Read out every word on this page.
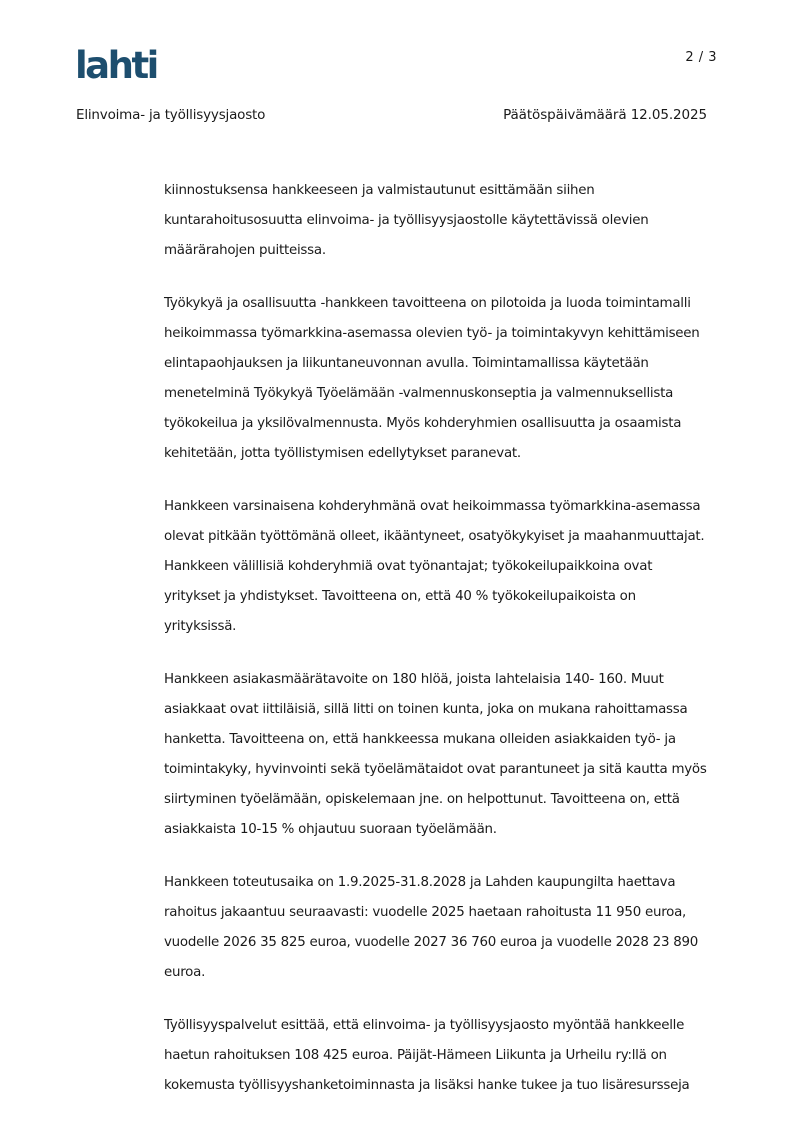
lahti	2 / 3
Elinvoima- ja työllisyysjaosto	Päätöspäivämäärä 12.05.2025

kiinnostuksensa hankkeeseen ja valmistautunut esittämään siihen
kuntarahoitusosuutta elinvoima- ja työllisyysjaostolle käytettävissä olevien
määrärahojen puitteissa.

Työkykyä ja osallisuutta -hankkeen tavoitteena on pilotoida ja luoda toimintamalli
heikoimmassa työmarkkina-asemassa olevien työ- ja toimintakyvyn kehittämiseen
elintapaohjauksen ja liikuntaneuvonnan avulla. Toimintamallissa käytetään
menetelminä Työkykyä Työelämään -valmennuskonseptia ja valmennuksellista
työkokeilua ja yksilövalmennusta. Myös kohderyhmien osallisuutta ja osaamista
kehitetään, jotta työllistymisen edellytykset paranevat.

Hankkeen varsinaisena kohderyhmänä ovat heikoimmassa työmarkkina-asemassa
olevat pitkään työttömänä olleet, ikääntyneet, osatyökykyiset ja maahanmuuttajat.
Hankkeen välillisiä kohderyhmiä ovat työnantajat; työkokeilupaikkoina ovat
yritykset ja yhdistykset. Tavoitteena on, että 40 % työkokeilupaikoista on
yrityksissä.

Hankkeen asiakasmäärätavoite on 180 hlöä, joista lahtelaisia 140- 160. Muut
asiakkaat ovat iittiläisiä, sillä Iitti on toinen kunta, joka on mukana rahoittamassa
hanketta. Tavoitteena on, että hankkeessa mukana olleiden asiakkaiden työ- ja
toimintakyky, hyvinvointi sekä työelämätaidot ovat parantuneet ja sitä kautta myös
siirtyminen työelämään, opiskelemaan jne. on helpottunut. Tavoitteena on, että
asiakkaista 10-15 % ohjautuu suoraan työelämään.

Hankkeen toteutusaika on 1.9.2025-31.8.2028 ja Lahden kaupungilta haettava
rahoitus jakaantuu seuraavasti: vuodelle 2025 haetaan rahoitusta 11 950 euroa,
vuodelle 2026 35 825 euroa, vuodelle 2027 36 760 euroa ja vuodelle 2028 23 890
euroa.

Työllisyyspalvelut esittää, että elinvoima- ja työllisyysjaosto myöntää hankkeelle
haetun rahoituksen 108 425 euroa. Päijät-Hämeen Liikunta ja Urheilu ry:llä on
kokemusta työllisyyshanketoiminnasta ja lisäksi hanke tukee ja tuo lisäresursseja
